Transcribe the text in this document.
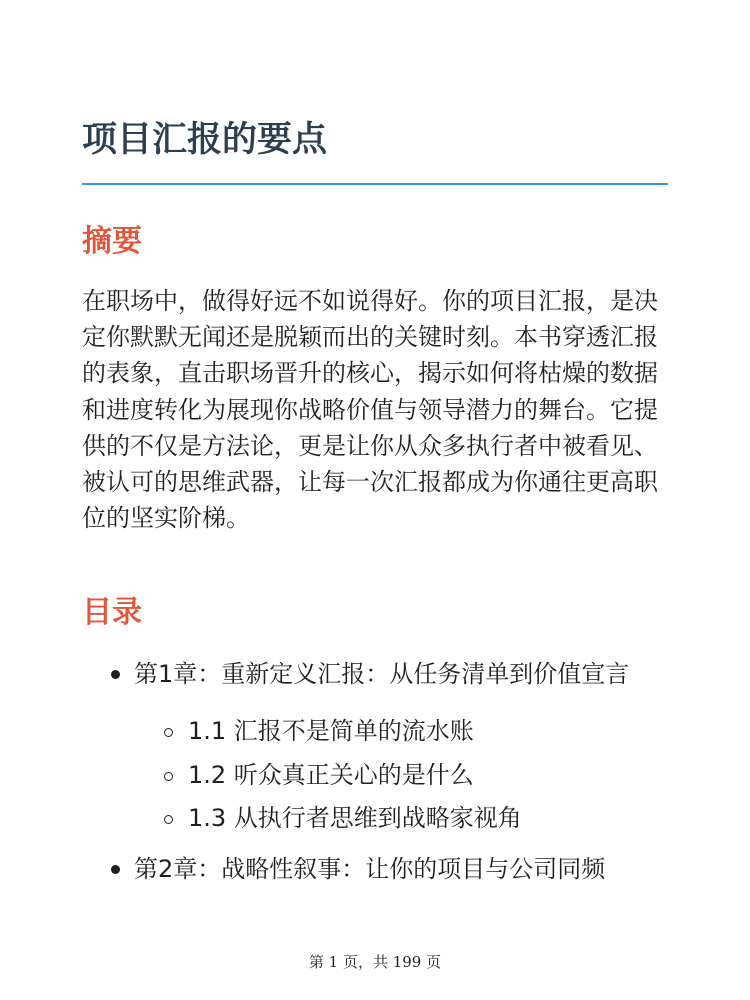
项目汇报的要点
摘要

在职场中，做得好远不如说得好。你的项目汇报，是决定你默默无闻还是脱颖而出的关键时刻。本书穿透汇报的表象，直击职场晋升的核心，揭示如何将枯燥的数据和进度转化为展现你战略价值与领导潜力的舞台。它提供的不仅是方法论，更是让你从众多执行者中被看见、被认可的思维武器，让每一次汇报都成为你通往更高职位的坚实阶梯。

目录
第1章：重新定义汇报：从任务清单到价值宣言
1.1 汇报不是简单的流水账
1.2 听众真正关心的是什么
1.3 从执行者思维到战略家视角
第2章：战略性叙事：让你的项目与公司同频
第 1 页，共 199 页
